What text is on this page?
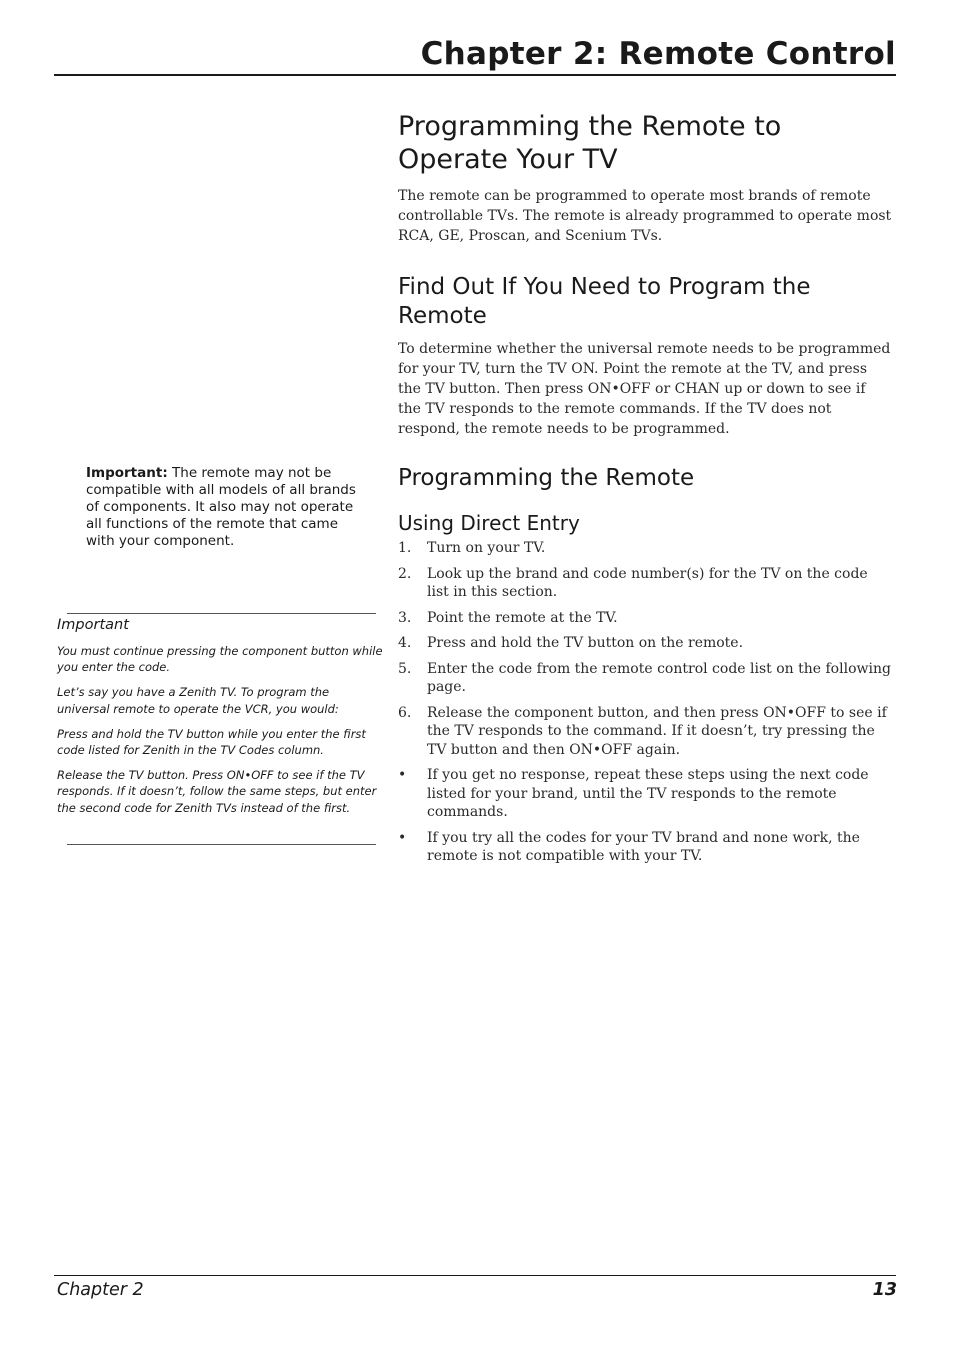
Chapter 2: Remote Control
Programming the Remote to
Operate Your TV

The remote can be programmed to operate most brands of remote controllable TVs. The remote is already programmed to operate most RCA, GE, Proscan, and Scenium TVs.

Find Out If You Need to Program the
Remote

To determine whether the universal remote needs to be programmed for your TV, turn the TV ON. Point the remote at the TV, and press the TV button. Then press ON•OFF or CHAN up or down to see if the TV responds to the remote commands. If the TV does not respond, the remote needs to be programmed.

Programming the Remote
Using Direct Entry
1.	Turn on your TV.
2.	Look up the brand and code number(s) for the TV on the code list in this section.
3.	Point the remote at the TV.
4.	Press and hold the TV button on the remote.
5.	Enter the code from the remote control code list on the following page.
6.	Release the component button, and then press ON•OFF to see if the TV responds to the command. If it doesn’t, try pressing the TV button and then ON•OFF again.
•	If you get no response, repeat these steps using the next code listed for your brand, until the TV responds to the remote commands.
•	If you try all the codes for your TV brand and none work, the remote is not compatible with your TV.
Important: The remote may not be compatible with all models of all brands of components. It also may not operate all functions of the remote that came with your component.

Important

You must continue pressing the component button while you enter the code.

Let’s say you have a Zenith TV. To program the universal remote to operate the VCR, you would:

Press and hold the TV button while you enter the first code listed for Zenith in the TV Codes column.

Release the TV button. Press ON•OFF to see if the TV responds. If it doesn’t, follow the same steps, but enter the second code for Zenith TVs instead of the first.

Chapter 2	13
